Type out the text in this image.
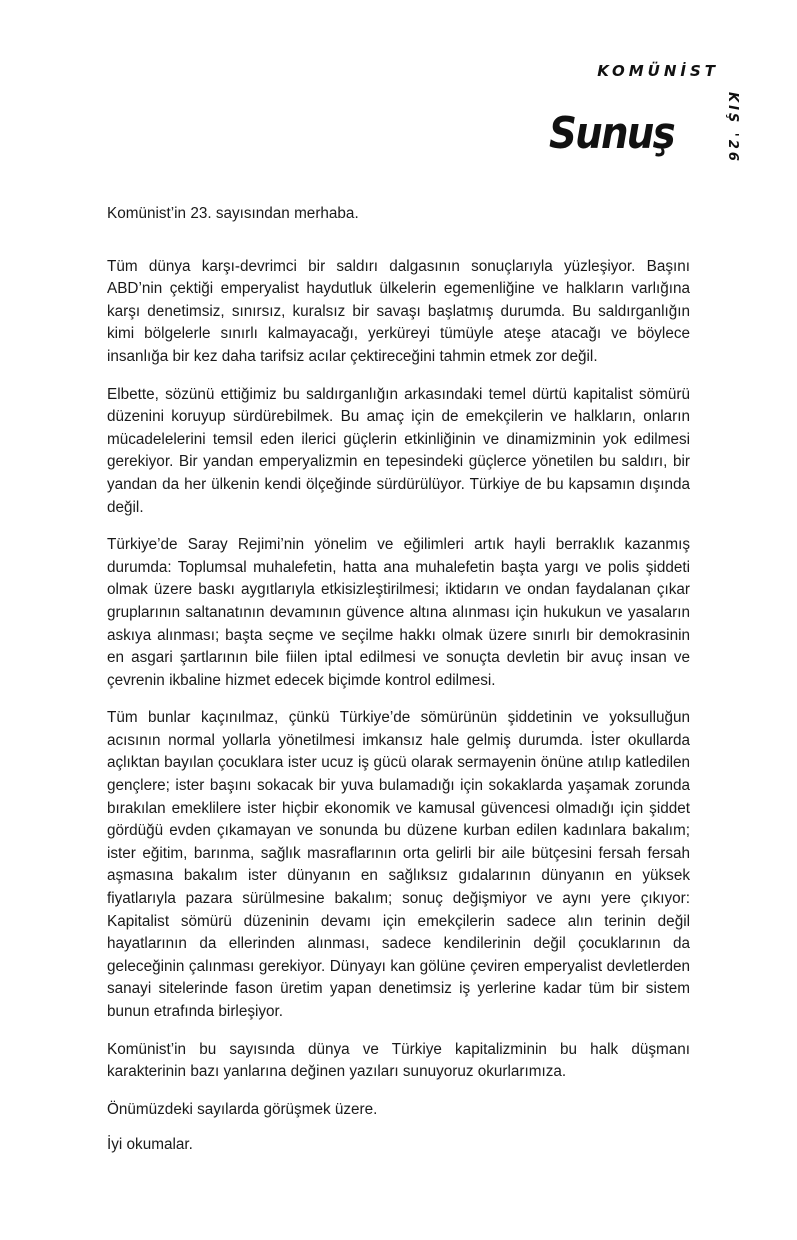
KOMÜNİST
KIŞ '26
Sunuş

Komünist’in 23. sayısından merhaba.

Tüm dünya karşı-devrimci bir saldırı dalgasının sonuçlarıyla yüzleşiyor. Başını ABD’nin çektiği emperyalist haydutluk ülkelerin egemenliğine ve halkların varlığına karşı denetimsiz, sınırsız, kuralsız bir savaşı başlatmış durumda. Bu saldırganlığın kimi bölgelerle sınırlı kalmayacağı, yerküreyi tümüyle ateşe atacağı ve böylece insanlığa bir kez daha tarifsiz acılar çektireceğini tahmin etmek zor değil.

Elbette, sözünü ettiğimiz bu saldırganlığın arkasındaki temel dürtü kapitalist sömürü düzenini koruyup sürdürebilmek. Bu amaç için de emekçilerin ve halkların, onların mücadelelerini temsil eden ilerici güçlerin etkinliğinin ve dinamizminin yok edilmesi gerekiyor. Bir yandan emperyalizmin en tepesindeki güçlerce yönetilen bu saldırı, bir yandan da her ülkenin kendi ölçeğinde sürdürülüyor. Türkiye de bu kapsamın dışında değil.

Türkiye’de Saray Rejimi’nin yönelim ve eğilimleri artık hayli berraklık kazanmış durumda: Toplumsal muhalefetin, hatta ana muhalefetin başta yargı ve polis şiddeti olmak üzere baskı aygıtlarıyla etkisizleştirilmesi; iktidarın ve ondan faydalanan çıkar gruplarının saltanatının devamının güvence altına alınması için hukukun ve yasaların askıya alınması; başta seçme ve seçilme hakkı olmak üzere sınırlı bir demokrasinin en asgari şartlarının bile fiilen iptal edilmesi ve sonuçta devletin bir avuç insan ve çevrenin ikbaline hizmet edecek biçimde kontrol edilmesi.

Tüm bunlar kaçınılmaz, çünkü Türkiye’de sömürünün şiddetinin ve yoksulluğun acısının normal yollarla yönetilmesi imkansız hale gelmiş durumda. İster okullarda açlıktan bayılan çocuklara ister ucuz iş gücü olarak sermayenin önüne atılıp katledilen gençlere; ister başını sokacak bir yuva bulamadığı için sokaklarda yaşamak zorunda bırakılan emeklilere ister hiçbir ekonomik ve kamusal güvencesi olmadığı için şiddet gördüğü evden çıkamayan ve sonunda bu düzene kurban edilen kadınlara bakalım; ister eğitim, barınma, sağlık masraflarının orta gelirli bir aile bütçesini fersah fersah aşmasına bakalım ister dünyanın en sağlıksız gıdalarının dünyanın en yüksek fiyatlarıyla pazara sürülmesine bakalım; sonuç değişmiyor ve aynı yere çıkıyor: Kapitalist sömürü düzeninin devamı için emekçilerin sadece alın terinin değil hayatlarının da ellerinden alınması, sadece kendilerinin değil çocuklarının da geleceğinin çalınması gerekiyor. Dünyayı kan gölüne çeviren emperyalist devletlerden sanayi sitelerinde fason üretim yapan denetimsiz iş yerlerine kadar tüm bir sistem bunun etrafında birleşiyor.

Komünist’in bu sayısında dünya ve Türkiye kapitalizminin bu halk düşmanı karakterinin bazı yanlarına değinen yazıları sunuyoruz okurlarımıza.

Önümüzdeki sayılarda görüşmek üzere.

İyi okumalar.
